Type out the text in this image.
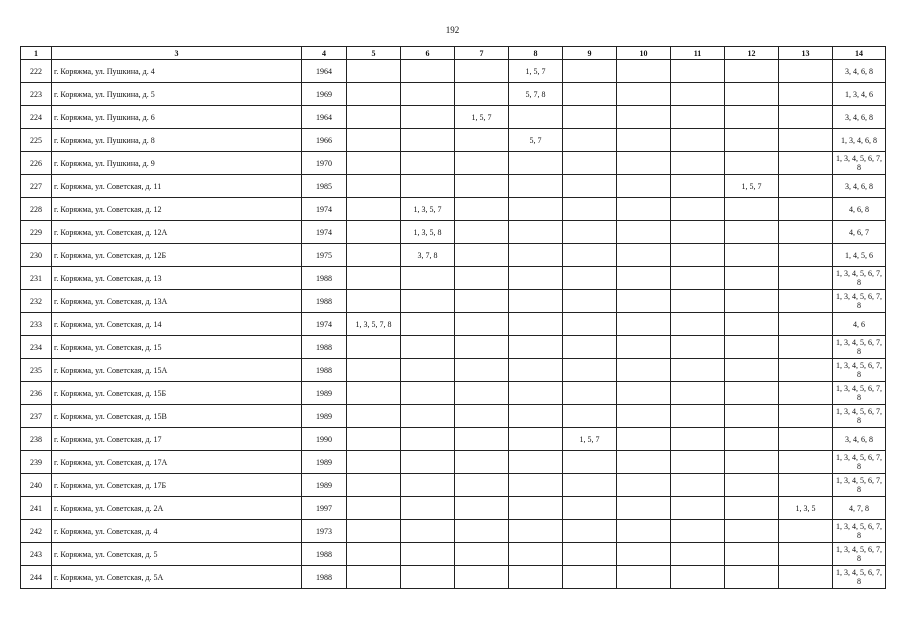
192
1	3	4	5	6	7	8	9	10	11	12	13	14
222	г. Коряжма, ул. Пушкина, д. 4	1964				1, 5, 7						3, 4, 6, 8
223	г. Коряжма, ул. Пушкина, д. 5	1969				5, 7, 8						1, 3, 4, 6
224	г. Коряжма, ул. Пушкина, д. 6	1964			1, 5, 7							3, 4, 6, 8
225	г. Коряжма, ул. Пушкина, д. 8	1966				5, 7						1, 3, 4, 6, 8
226	г. Коряжма, ул. Пушкина, д. 9	1970										1, 3, 4, 5, 6, 7, 8
227	г. Коряжма, ул. Советская, д. 11	1985								1, 5, 7		3, 4, 6, 8
228	г. Коряжма, ул. Советская, д. 12	1974		1, 3, 5, 7								4, 6, 8
229	г. Коряжма, ул. Советская, д. 12А	1974		1, 3, 5, 8								4, 6, 7
230	г. Коряжма, ул. Советская, д. 12Б	1975		3, 7, 8								1, 4, 5, 6
231	г. Коряжма, ул. Советская, д. 13	1988										1, 3, 4, 5, 6, 7, 8
232	г. Коряжма, ул. Советская, д. 13А	1988										1, 3, 4, 5, 6, 7, 8
233	г. Коряжма, ул. Советская, д. 14	1974	1, 3, 5, 7, 8									4, 6
234	г. Коряжма, ул. Советская, д. 15	1988										1, 3, 4, 5, 6, 7, 8
235	г. Коряжма, ул. Советская, д. 15А	1988										1, 3, 4, 5, 6, 7, 8
236	г. Коряжма, ул. Советская, д. 15Б	1989										1, 3, 4, 5, 6, 7, 8
237	г. Коряжма, ул. Советская, д. 15В	1989										1, 3, 4, 5, 6, 7, 8
238	г. Коряжма, ул. Советская, д. 17	1990					1, 5, 7					3, 4, 6, 8
239	г. Коряжма, ул. Советская, д. 17А	1989										1, 3, 4, 5, 6, 7, 8
240	г. Коряжма, ул. Советская, д. 17Б	1989										1, 3, 4, 5, 6, 7, 8
241	г. Коряжма, ул. Советская, д. 2А	1997									1, 3, 5	4, 7, 8
242	г. Коряжма, ул. Советская, д. 4	1973										1, 3, 4, 5, 6, 7, 8
243	г. Коряжма, ул. Советская, д. 5	1988										1, 3, 4, 5, 6, 7, 8
244	г. Коряжма, ул. Советская, д. 5А	1988										1, 3, 4, 5, 6, 7, 8
